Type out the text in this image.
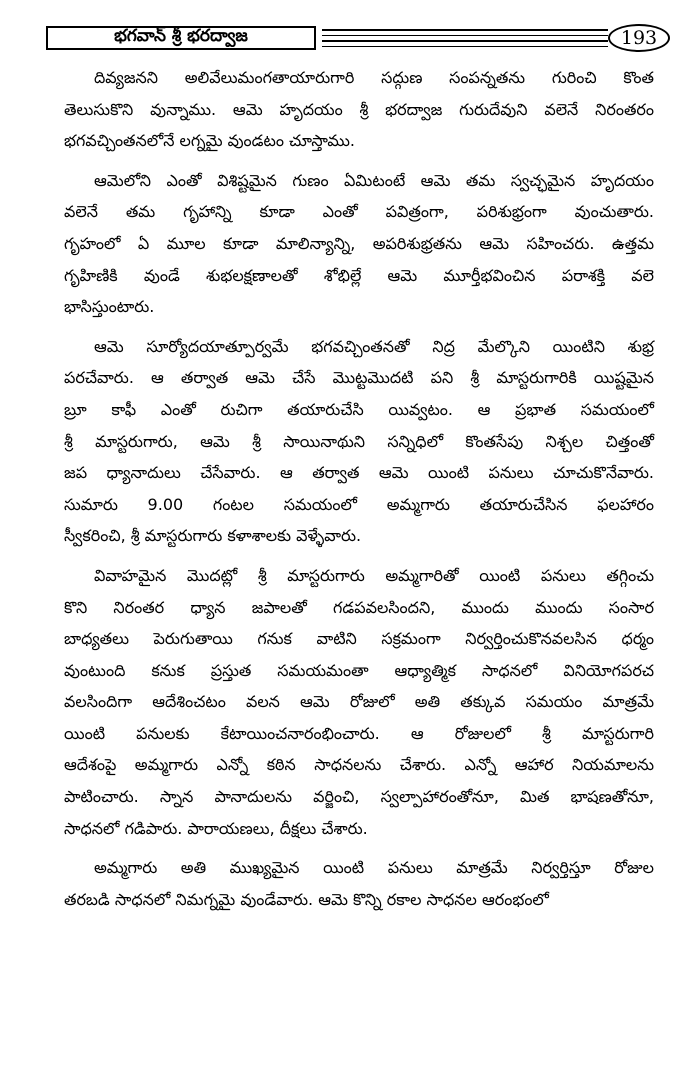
భగవాన్ శ్రీ భరద్వాజ	193
దివ్యజనని అలివేలుమంగతాయారుగారి సద్గుణ సంపన్నతను గురించి కొంత
తెలుసుకొని వున్నాము. ఆమె హృదయం శ్రీ భరద్వాజ గురుదేవుని వలెనే నిరంతరం
భగవచ్చింతనలోనే లగ్నమై వుండటం చూస్తాము.
ఆమెలోని ఎంతో విశిష్టమైన గుణం ఏమిటంటే ఆమె తమ స్వచ్ఛమైన హృదయం
వలెనే తమ గృహాన్ని కూడా ఎంతో పవిత్రంగా, పరిశుభ్రంగా వుంచుతారు.
గృహంలో ఏ మూల కూడా మాలిన్యాన్ని, అపరిశుభ్రతను ఆమె సహించరు. ఉత్తమ
గృహిణికి వుండే శుభలక్షణాలతో శోభిల్లే ఆమె మూర్తీభవించిన పరాశక్తి వలె
భాసిస్తుంటారు.
ఆమె సూర్యోదయాత్పూర్వమే భగవచ్చింతనతో నిద్ర మేల్కొని యింటిని శుభ్ర
పరచేవారు. ఆ తర్వాత ఆమె చేసే మొట్టమొదటి పని శ్రీ మాస్టరుగారికి యిష్టమైన
బ్రూ కాఫీ ఎంతో రుచిగా తయారుచేసి యివ్వటం. ఆ ప్రభాత సమయంలో
శ్రీ మాస్టరుగారు, ఆమె శ్రీ సాయినాథుని సన్నిధిలో కొంతసేపు నిశ్చల చిత్తంతో
జప ధ్యానాదులు చేసేవారు. ఆ తర్వాత ఆమె యింటి పనులు చూచుకొనేవారు.
సుమారు 9.00 గంటల సమయంలో అమ్మగారు తయారుచేసిన ఫలహారం
స్వీకరించి, శ్రీ మాస్టరుగారు కళాశాలకు వెళ్ళేవారు.
వివాహమైన మొదట్లో శ్రీ మాస్టరుగారు అమ్మగారితో యింటి పనులు తగ్గించు
కొని నిరంతర ధ్యాన జపాలతో గడపవలసిందని, ముందు ముందు సంసార
బాధ్యతలు పెరుగుతాయి గనుక వాటిని సక్రమంగా నిర్వర్తించుకొనవలసిన ధర్మం
వుంటుంది కనుక ప్రస్తుత సమయమంతా ఆధ్యాత్మిక సాధనలో వినియోగపరచ
వలసిందిగా ఆదేశించటం వలన ఆమె రోజులో అతి తక్కువ సమయం మాత్రమే
యింటి పనులకు కేటాయించనారంభించారు. ఆ రోజులలో శ్రీ మాస్టరుగారి
ఆదేశంపై అమ్మగారు ఎన్నో కఠిన సాధనలను చేశారు. ఎన్నో ఆహార నియమాలను
పాటించారు. స్నాన పానాదులను వర్జించి, స్వల్పాహారంతోనూ, మిత భాషణతోనూ,
సాధనలో గడిపారు. పారాయణలు, దీక్షలు చేశారు.
అమ్మగారు అతి ముఖ్యమైన యింటి పనులు మాత్రమే నిర్వర్తిస్తూ రోజుల
తరబడి సాధనలో నిమగ్నమై వుండేవారు. ఆమె కొన్ని రకాల సాధనల ఆరంభంలో
